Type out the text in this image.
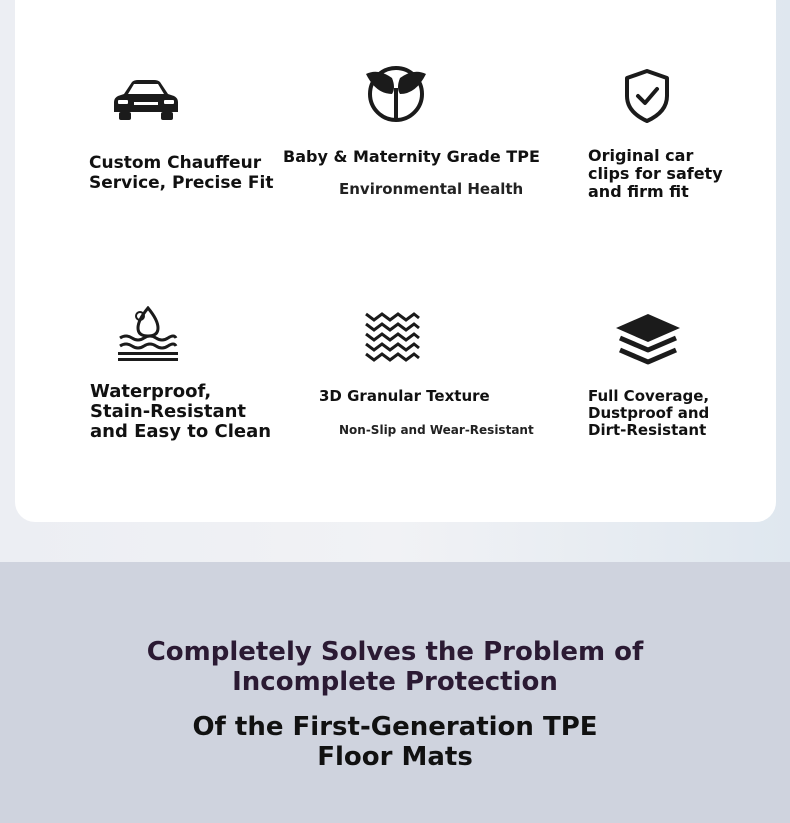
Custom Chauffeur
Service, Precise Fit
Baby & Maternity Grade TPE
Environmental Health
Original car
clips for safety
and firm fit
Waterproof,
Stain-Resistant
and Easy to Clean
3D Granular Texture
Non-Slip and Wear-Resistant
Full Coverage,
Dustproof and
Dirt-Resistant
Completely Solves the Problem of Incomplete Protection
Of the First-Generation TPE Floor Mats
